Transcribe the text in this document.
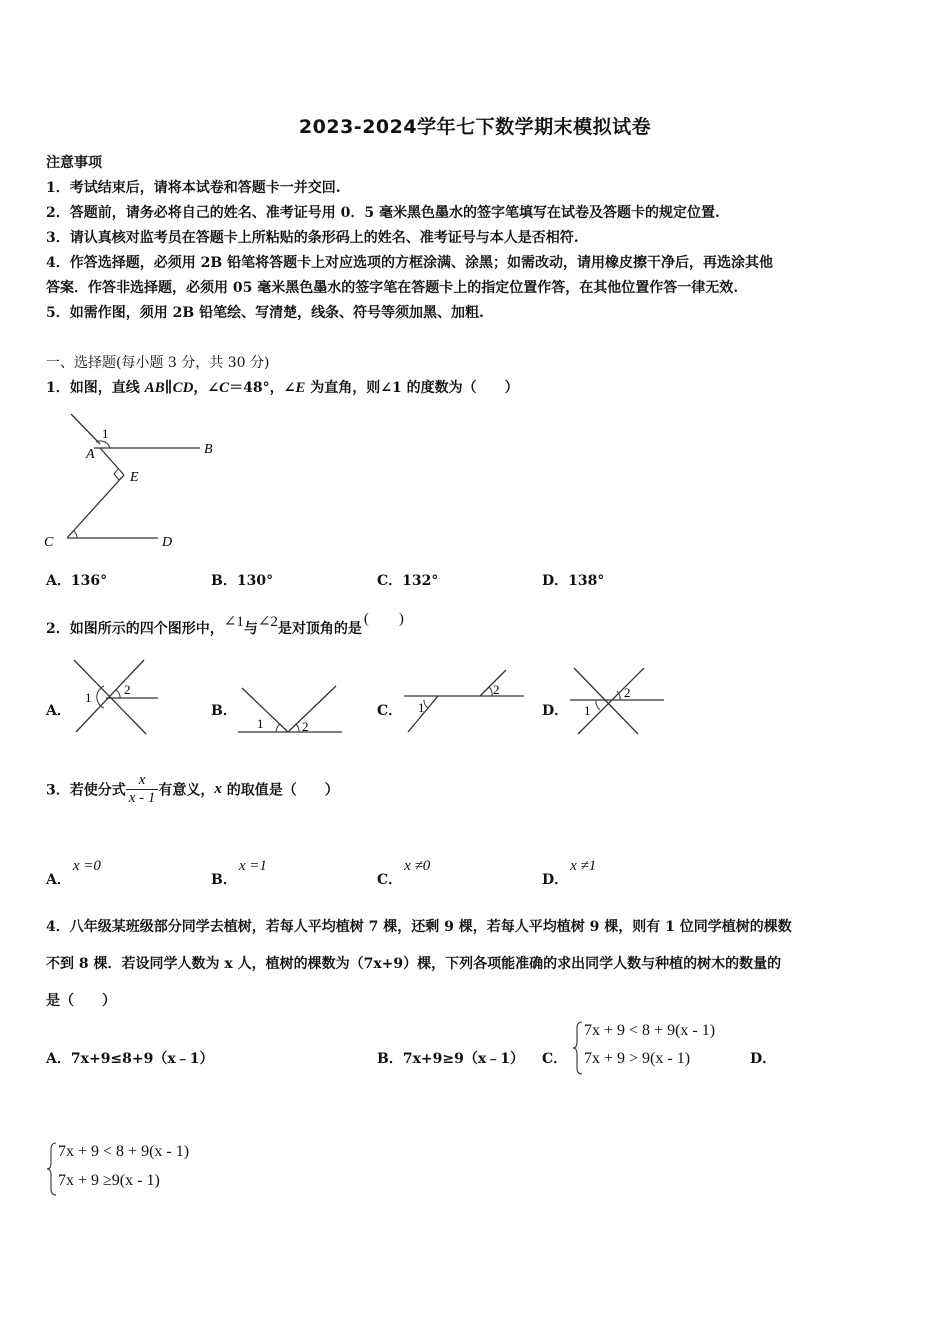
2023-2024学年七下数学期末模拟试卷
注意事项
1．考试结束后，请将本试卷和答题卡一并交回.
2．答题前，请务必将自己的姓名、准考证号用 0．5 毫米黑色墨水的签字笔填写在试卷及答题卡的规定位置.
3．请认真核对监考员在答题卡上所粘贴的条形码上的姓名、准考证号与本人是否相符.
4．作答选择题，必须用 2B 铅笔将答题卡上对应选项的方框涂满、涂黑；如需改动，请用橡皮擦干净后，再选涂其他
答案．作答非选择题，必须用 05 毫米黑色墨水的签字笔在答题卡上的指定位置作答，在其他位置作答一律无效.
5．如需作图，须用 2B 铅笔绘、写清楚，线条、符号等须加黑、加粗.
一、选择题(每小题 3 分，共 30 分)
1．如图，直线 AB∥CD，∠C＝48°，∠E 为直角，则∠1 的度数为（　　）
1
A	B
E
C	D
A．136°	B．130°	C．132°	D．138°
2．如图所示的四个图形中，∠1与∠2是对顶角的是(　　)
A．
1
2
B．
1	2
C． 1
2
D． 1
2
3．若使分式 $\frac{x}{x - 1}$ 有意义，x 的取值是（　　）
A．x =0
B．x =1
C．x ≠0
D．x ≠1
4．八年级某班级部分同学去植树，若每人平均植树 7 棵，还剩 9 棵，若每人平均植树 9 棵，则有 1 位同学植树的棵数
不到 8 棵．若设同学人数为 x 人，植树的棵数为（7x+9）棵，下列各项能准确的求出同学人数与种植的树木的数量的
是（　　）
A．7x+9≤8+9（x﹣1）	B．7x+9≥9（x﹣1） C．
7x + 9 < 8 + 9(x - 1)
7x + 9 > 9(x - 1)	D．
7x + 9 < 8 + 9(x - 1)
7x + 9 ≥9(x - 1)
